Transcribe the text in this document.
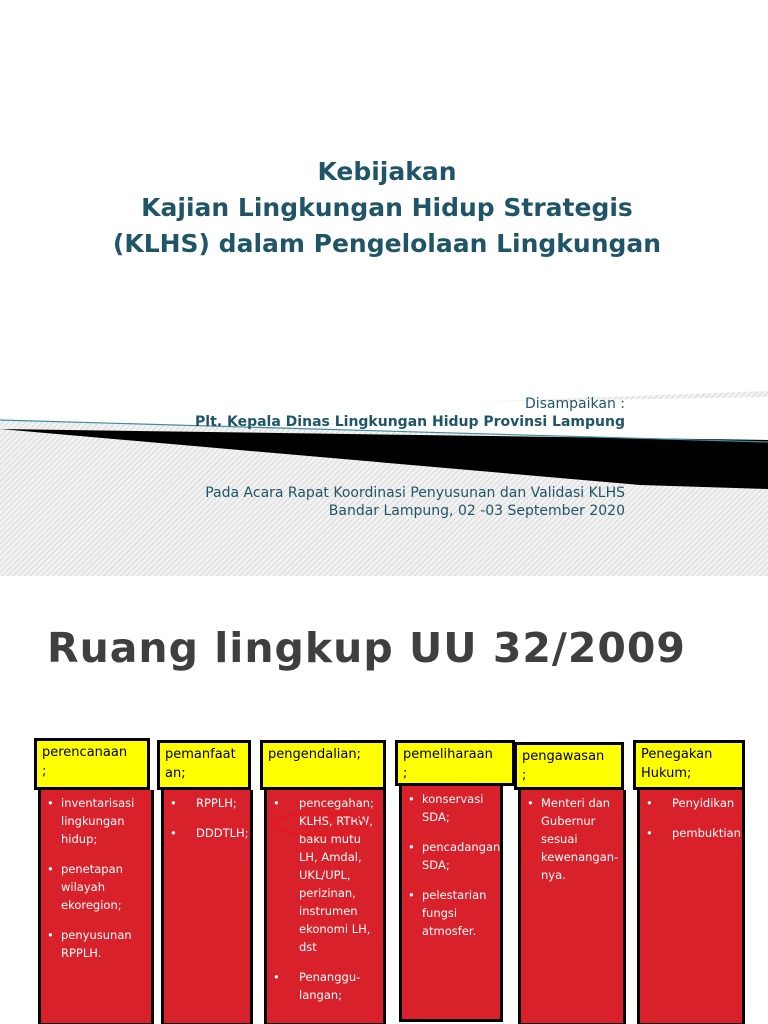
Kebijakan
Kajian Lingkungan Hidup Strategis
(KLHS) dalam Pengelolaan Lingkungan
Disampaikan :
Plt. Kepala Dinas Lingkungan Hidup Provinsi Lampung
Pada Acara Rapat Koordinasi Penyusunan dan Validasi KLHS
Bandar Lampung, 02 -03 September 2020
Ruang lingkup UU 32/2009
perencanaan
;
• inventarisasi lingkungan hidup;
• penetapan wilayah ekoregion;
• penyusunan RPPLH.
pemanfaat
an;
•	RPPLH;
•	DDDTLH;
pengendalian;
•	pencegahan;
KLHS, RTRW, baku mutu LH, Amdal, UKL/UPL, perizinan, instrumen ekonomi LH, dst
•	Penanggu-langan;
pemeliharaan
;
• konservasi SDA;
• pencadangan SDA;
• pelestarian fungsi atmosfer.
pengawasan
;
• Menteri dan Gubernur sesuai kewenangan-nya.
Penegakan
Hukum;
•	Penyidikan
•	pembuktian
